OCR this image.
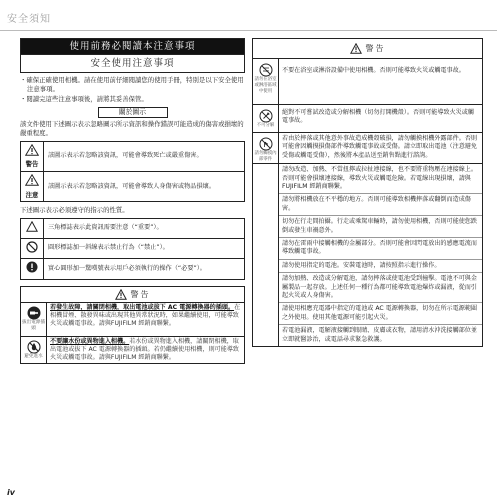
安全須知
使用前務必閱讀本注意事項
安全使用注意事項
・確保正確使用相機。請在使用前仔細閱讀您的使用手冊，特別是以下安全使用注意事項。
・閱讀完這些注意事項後，請將其妥善保管。
關於圖示
該文件使用下述圖示表示忽略圖示所示資訊和操作錯誤可能造成的傷害或損壞的嚴重程度。
警告	該圖示表示若忽略該資訊，可能會導致死亡或嚴重傷害。

注意	該圖示表示若忽略該資訊，可能會導致人身傷害或物品損壞。
下述圖示表示必須遵守的指示的性質。
	三角標誌表示此資訊需要注意（“重要”）。
	圓形標誌加一斜線表示禁止行為（“禁止”）。
	實心圓形加一驚嘆號表示用戶必須執行的操作（“必要”）。
警告
拔出電源插頭
若發生故障，請關閉相機，取出電池或拔下 AC 電源轉換器的插頭。在相機冒煙、散發異味或出現其他異常狀況時，如果繼續使用，可能導致火災或觸電事故。請與FUJIFILM 經銷商聯繫。
避免進水
不要讓水份或異物進入相機。若水份或異物進入相機，請關閉相機，取出電池或拔下 AC 電源轉換器的插頭。若仍繼續使用相機，則可能導致火災或觸電事故。請與FUJIFILM 經銷商聯繫。
警告
請勿在浴室或淋浴區域中使用
不要在浴室或淋浴設備中使用相機。否則可能導致火災或觸電事故。
不可分解
絕對不可嘗試改造或分解相機（切勿打開機殼）。否則可能導致火災或觸電事故。
請勿觸摸內部零件
若由於摔落或其他意外事故造成機殼破損，請勿觸摸相機外露部件。否則可能會因觸摸損傷部件導致觸電事故或受傷。請立即取出電池（注意避免受傷或觸電受傷），然後將本產品送至銷售點進行諮詢。
請勿改造、加熱、不當扭擰或拉扯連接線，也不要將重物壓在連接線上。否則可能會損壞連接線，導致火災或觸電危險。若電線出現損壞，請與 FUJIFILM 經銷商聯繫。
請勿將相機放在不平穩的地方。否則可能導致相機摔落或翻倒而造成傷害。
切勿在行走間拍攝。行走或乘駕車輛時，請勿使用相機，否則可能使您跌倒或發生車禍意外。
請勿在雷雨中接觸相機的金屬部分。否則可能會因閃電放出的感應電流而導致觸電事故。
請勿使用指定的電池。安裝電池時，請按照指示進行操作。
請勿加熱、改造或分解電池，請勿摔落或使電池受到撞擊。電池不可與金屬製品一起存放。上述任何一種行為都可能導致電池爆炸或漏液，從而引起火災或人身傷害。
請使用相應充電器中指定的電池或 AC 電源轉換器，切勿在所示電源範圍之外使用。使用其他電源可能引起火災。
若電池漏液，電解液接觸到眼睛、皮膚或衣物，請用清水沖洗接觸部位並立即就醫診治，或電話尋求緊急救護。
iv
